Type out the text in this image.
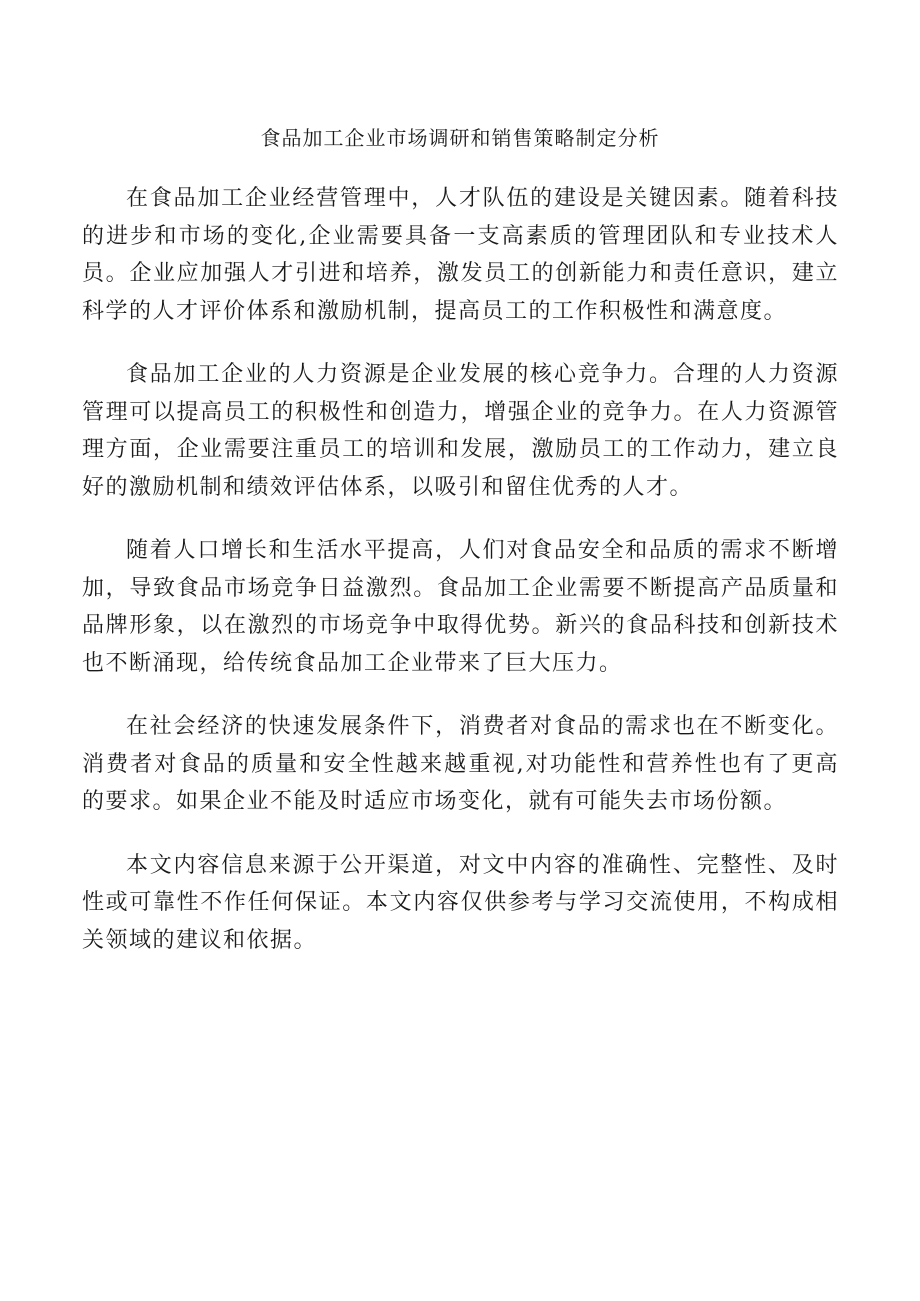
食品加工企业市场调研和销售策略制定分析

在食品加工企业经营管理中，人才队伍的建设是关键因素。随着科技的进步和市场的变化,企业需要具备一支高素质的管理团队和专业技术人员。企业应加强人才引进和培养，激发员工的创新能力和责任意识，建立科学的人才评价体系和激励机制，提高员工的工作积极性和满意度。

食品加工企业的人力资源是企业发展的核心竞争力。合理的人力资源管理可以提高员工的积极性和创造力，增强企业的竞争力。在人力资源管理方面，企业需要注重员工的培训和发展，激励员工的工作动力，建立良好的激励机制和绩效评估体系，以吸引和留住优秀的人才。

随着人口增长和生活水平提高，人们对食品安全和品质的需求不断增加，导致食品市场竞争日益激烈。食品加工企业需要不断提高产品质量和品牌形象，以在激烈的市场竞争中取得优势。新兴的食品科技和创新技术也不断涌现，给传统食品加工企业带来了巨大压力。

在社会经济的快速发展条件下，消费者对食品的需求也在不断变化。消费者对食品的质量和安全性越来越重视,对功能性和营养性也有了更高的要求。如果企业不能及时适应市场变化，就有可能失去市场份额。

本文内容信息来源于公开渠道，对文中内容的准确性、完整性、及时性或可靠性不作任何保证。本文内容仅供参考与学习交流使用，不构成相关领域的建议和依据。
